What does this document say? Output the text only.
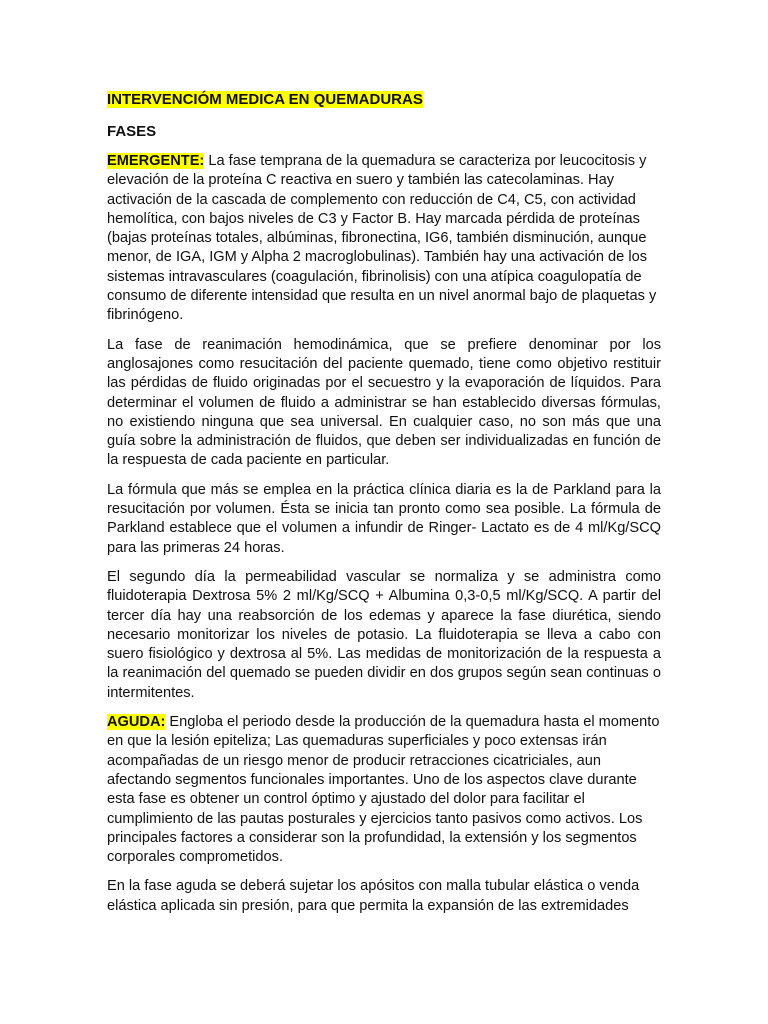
INTERVENCIÓM MEDICA EN QUEMADURAS
FASES

EMERGENTE: La fase temprana de la quemadura se caracteriza por leucocitosis y elevación de la proteína C reactiva en suero y también las catecolaminas. Hay activación de la cascada de complemento con reducción de C4, C5, con actividad hemolítica, con bajos niveles de C3 y Factor B. Hay marcada pérdida de proteínas (bajas proteínas totales, albúminas, fibronectina, IG6, también disminución, aunque menor, de IGA, IGM y Alpha 2 macroglobulinas). También hay una activación de los sistemas intravasculares (coagulación, fibrinolisis) con una atípica coagulopatía de consumo de diferente intensidad que resulta en un nivel anormal bajo de plaquetas y fibrinógeno.

La fase de reanimación hemodinámica, que se prefiere denominar por los anglosajones como resucitación del paciente quemado, tiene como objetivo restituir las pérdidas de fluido originadas por el secuestro y la evaporación de líquidos. Para determinar el volumen de fluido a administrar se han establecido diversas fórmulas, no existiendo ninguna que sea universal. En cualquier caso, no son más que una guía sobre la administración de fluidos, que deben ser individualizadas en función de la respuesta de cada paciente en particular.

La fórmula que más se emplea en la práctica clínica diaria es la de Parkland para la resucitación por volumen. Ésta se inicia tan pronto como sea posible. La fórmula de Parkland establece que el volumen a infundir de Ringer- Lactato es de 4 ml/Kg/SCQ para las primeras 24 horas.

El segundo día la permeabilidad vascular se normaliza y se administra como fluidoterapia Dextrosa 5% 2 ml/Kg/SCQ + Albumina 0,3-0,5 ml/Kg/SCQ. A partir del tercer día hay una reabsorción de los edemas y aparece la fase diurética, siendo necesario monitorizar los niveles de potasio. La fluidoterapia se lleva a cabo con suero fisiológico y dextrosa al 5%. Las medidas de monitorización de la respuesta a la reanimación del quemado se pueden dividir en dos grupos según sean continuas o intermitentes.

AGUDA: Engloba el periodo desde la producción de la quemadura hasta el momento en que la lesión epiteliza; Las quemaduras superficiales y poco extensas irán acompañadas de un riesgo menor de producir retracciones cicatriciales, aun afectando segmentos funcionales importantes. Uno de los aspectos clave durante esta fase es obtener un control óptimo y ajustado del dolor para facilitar el cumplimiento de las pautas posturales y ejercicios tanto pasivos como activos. Los principales factores a considerar son la profundidad, la extensión y los segmentos corporales comprometidos.

En la fase aguda se deberá sujetar los apósitos con malla tubular elástica o venda elástica aplicada sin presión, para que permita la expansión de las extremidades
